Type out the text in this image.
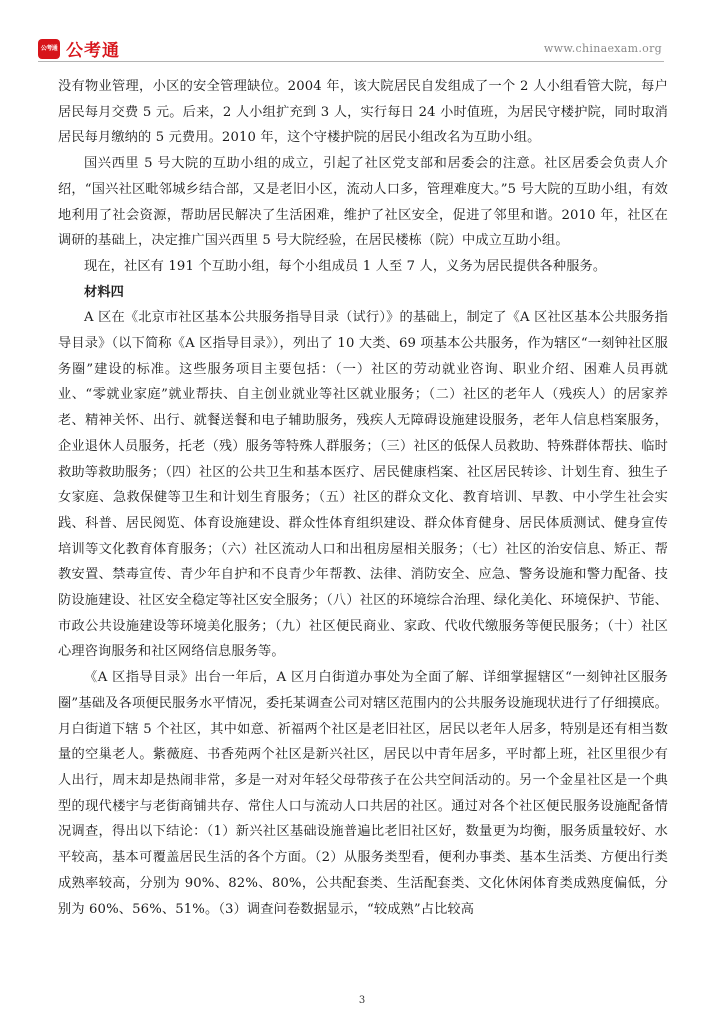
公考通 公考通	www.chinaexam.org

没有物业管理，小区的安全管理缺位。2004 年，该大院居民自发组成了一个 2 人小组看管大院，每户居民每月交费 5 元。后来，2 人小组扩充到 3 人，实行每日 24 小时值班，为居民守楼护院，同时取消居民每月缴纳的 5 元费用。2010 年，这个守楼护院的居民小组改名为互助小组。

国兴西里 5 号大院的互助小组的成立，引起了社区党支部和居委会的注意。社区居委会负责人介绍，“国兴社区毗邻城乡结合部，又是老旧小区，流动人口多，管理难度大。”5 号大院的互助小组，有效地利用了社会资源，帮助居民解决了生活困难，维护了社区安全，促进了邻里和谐。2010 年，社区在调研的基础上，决定推广国兴西里 5 号大院经验，在居民楼栋（院）中成立互助小组。

现在，社区有 191 个互助小组，每个小组成员 1 人至 7 人，义务为居民提供各种服务。

材料四

A 区在《北京市社区基本公共服务指导目录（试行）》的基础上，制定了《A 区社区基本公共服务指导目录》（以下简称《A 区指导目录》），列出了 10 大类、69 项基本公共服务，作为辖区“一刻钟社区服务圈”建设的标准。这些服务项目主要包括：（一）社区的劳动就业咨询、职业介绍、困难人员再就业、“零就业家庭”就业帮扶、自主创业就业等社区就业服务；（二）社区的老年人（残疾人）的居家养老、精神关怀、出行、就餐送餐和电子辅助服务，残疾人无障碍设施建设服务，老年人信息档案服务，企业退休人员服务，托老（残）服务等特殊人群服务；（三）社区的低保人员救助、特殊群体帮扶、临时救助等救助服务；（四）社区的公共卫生和基本医疗、居民健康档案、社区居民转诊、计划生育、独生子女家庭、急救保健等卫生和计划生育服务；（五）社区的群众文化、教育培训、早教、中小学生社会实践、科普、居民阅览、体育设施建设、群众性体育组织建设、群众体育健身、居民体质测试、健身宣传培训等文化教育体育服务；（六）社区流动人口和出租房屋相关服务；（七）社区的治安信息、矫正、帮教安置、禁毒宣传、青少年自护和不良青少年帮教、法律、消防安全、应急、警务设施和警力配备、技防设施建设、社区安全稳定等社区安全服务；（八）社区的环境综合治理、绿化美化、环境保护、节能、市政公共设施建设等环境美化服务；（九）社区便民商业、家政、代收代缴服务等便民服务；（十）社区心理咨询服务和社区网络信息服务等。

《A 区指导目录》出台一年后，A 区月白街道办事处为全面了解、详细掌握辖区“一刻钟社区服务圈”基础及各项便民服务水平情况，委托某调查公司对辖区范围内的公共服务设施现状进行了仔细摸底。月白街道下辖 5 个社区，其中如意、祈福两个社区是老旧社区，居民以老年人居多，特别是还有相当数量的空巢老人。紫薇庭、书香苑两个社区是新兴社区，居民以中青年居多，平时都上班，社区里很少有人出行，周末却是热闹非常，多是一对对年轻父母带孩子在公共空间活动的。另一个金星社区是一个典型的现代楼宇与老街商铺共存、常住人口与流动人口共居的社区。通过对各个社区便民服务设施配备情况调查，得出以下结论：（1）新兴社区基础设施普遍比老旧社区好，数量更为均衡，服务质量较好、水平较高，基本可覆盖居民生活的各个方面。（2）从服务类型看，便利办事类、基本生活类、方便出行类成熟率较高，分别为 90%、82%、80%，公共配套类、生活配套类、文化休闲体育类成熟度偏低，分别为 60%、56%、51%。（3）调查问卷数据显示，“较成熟”占比较高

3
